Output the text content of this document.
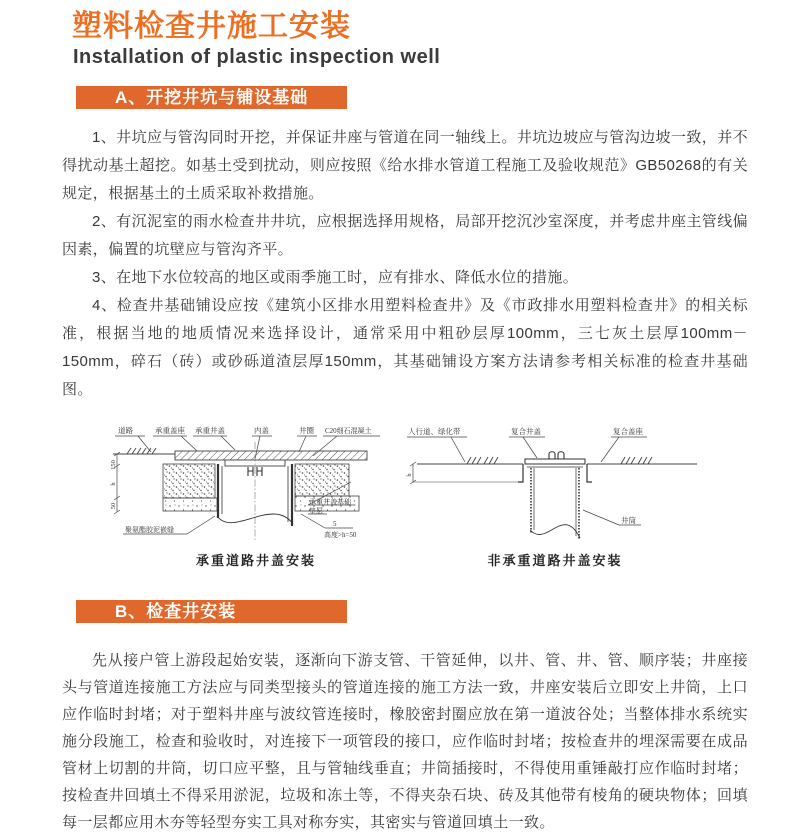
塑料检查井施工安装
Installation of plastic inspection well
A、开挖井坑与铺设基础

1、井坑应与管沟同时开挖，并保证井座与管道在同一轴线上。井坑边坡应与管沟边坡一致，并不得扰动基土超挖。如基土受到扰动，则应按照《给水排水管道工程施工及验收规范》GB50268的有关规定，根据基土的土质采取补救措施。

2、有沉泥室的雨水检查井井坑，应根据选择用规格，局部开挖沉沙室深度，并考虑井座主管线偏因素，偏置的坑壁应与管沟齐平。

3、在地下水位较高的地区或雨季施工时，应有排水、降低水位的措施。

4、检查井基础铺设应按《建筑小区排水用塑料检查井》及《市政排水用塑料检查井》的相关标准，根据当地的地质情况来选择设计，通常采用中粗砂层厚100mm，三七灰土层厚100mm－150mm，碎石（砖）或砂砾道渣层厚150mm，其基础铺设方案方法请参考相关标准的检查井基础图。

道路	承重盖座 承重井盖	内盖	井圈 C20细石混凝土
150
h
50
聚氨酯胶泥嵌缝
承重井盖基础
垫层
5
高度>h=50
承重道路井盖安装
人行道、绿化带	复合井盖	复合盖座
h
井筒
非承重道路井盖安装
B、检查井安装

先从接户管上游段起始安装，逐渐向下游支管、干管延伸，以井、管、井、管、顺序装；井座接头与管道连接施工方法应与同类型接头的管道连接的施工方法一致，井座安装后立即安上井筒，上口应作临时封堵；对于塑料井座与波纹管连接时，橡胶密封圈应放在第一道波谷处；当整体排水系统实施分段施工，检查和验收时，对连接下一项管段的接口，应作临时封堵；按检查井的埋深需要在成品管材上切割的井筒，切口应平整，且与管轴线垂直；井筒插接时，不得使用重锤敲打应作临时封堵；按检查井回填土不得采用淤泥，垃圾和冻土等，不得夹杂石块、砖及其他带有棱角的硬块物体；回填每一层都应用木夯等轻型夯实工具对称夯实，其密实与管道回填土一致。
